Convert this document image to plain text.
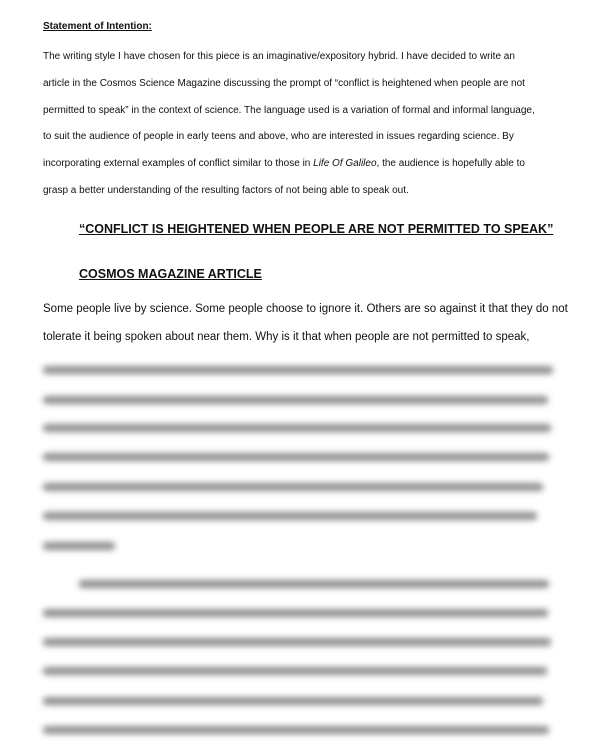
Statement of Intention:
The writing style I have chosen for this piece is an imaginative/expository hybrid. I have decided to write an
article in the Cosmos Science Magazine discussing the prompt of “conflict is heightened when people are not
permitted to speak” in the context of science. The language used is a variation of formal and informal language,
to suit the audience of people in early teens and above, who are interested in issues regarding science. By
incorporating external examples of conflict similar to those in Life Of Galileo, the audience is hopefully able to
grasp a better understanding of the resulting factors of not being able to speak out.
“CONFLICT IS HEIGHTENED WHEN PEOPLE ARE NOT PERMITTED TO SPEAK”
COSMOS MAGAZINE ARTICLE
Some people live by science. Some people choose to ignore it. Others are so against it that they do not
tolerate it being spoken about near them. Why is it that when people are not permitted to speak,
